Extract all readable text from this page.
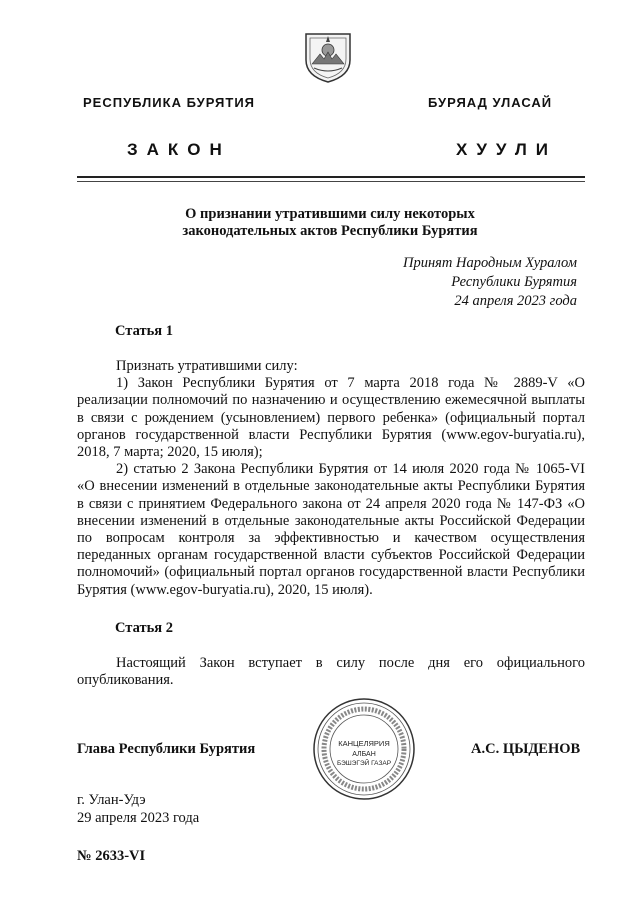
РЕСПУБЛИКА БУРЯТИЯ	БУРЯАД УЛАСАЙ
ЗАКОН	ХУУЛИ
О признании утратившими силу некоторых
законодательных актов Республики Бурятия
Принят Народным Хуралом
Республики Бурятия
24 апреля 2023 года
Статья 1

Признать утратившими силу:

1) Закон Республики Бурятия от 7 марта 2018 года № 2889-V «О реализации полномочий по назначению и осуществлению ежемесячной выплаты в связи с рождением (усыновлением) первого ребенка» (официальный портал органов государственной власти Республики Бурятия (www.egov-buryatia.ru), 2018, 7 марта; 2020, 15 июля);

2) статью 2 Закона Республики Бурятия от 14 июля 2020 года № 1065-VI «О внесении изменений в отдельные законодательные акты Республики Бурятия в связи с принятием Федерального закона от 24 апреля 2020 года № 147-ФЗ «О внесении изменений в отдельные законодательные акты Российской Федерации по вопросам контроля за эффективностью и качеством осуществления переданных органам государственной власти субъектов Российской Федерации полномочий» (официальный портал органов государственной власти Республики Бурятия (www.egov-buryatia.ru), 2020, 15 июля).

Статья 2

Настоящий Закон вступает в силу после дня его официального опубликования.

КАНЦЕЛЯРИЯ
АЛБАН
БЭШЭГЭЙ ГАЗАР
Глава Республики Бурятия	А.С. ЦЫДЕНОВ
г. Улан-Удэ
29 апреля 2023 года
№ 2633-VI
